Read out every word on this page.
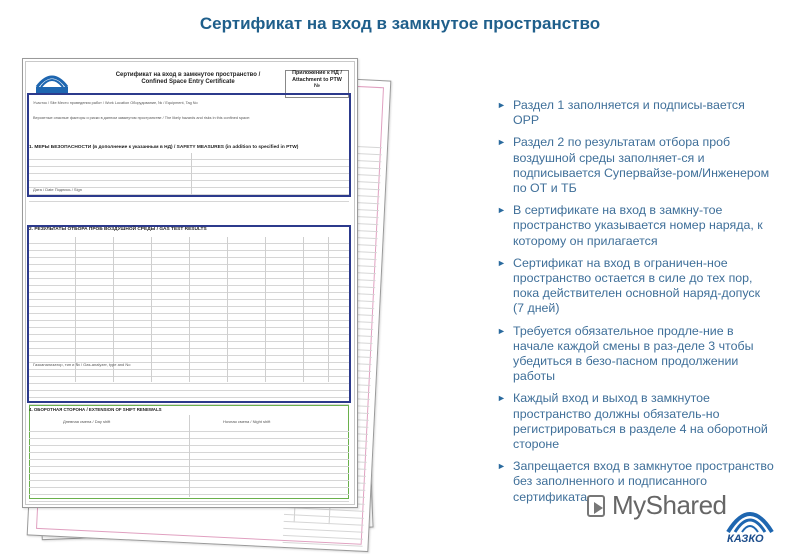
Сертификат на вход в замкнутое пространство
Сертификат на вход в замкнутое пространство /
Confined Space Entry Certificate
Приложение к НД /
Attachment to PTW
№
Участок / Site Место проведения работ / Work Location Оборудование, № / Equipment, Tag No
Вероятные опасные факторы и риски в данном замкнутом пространстве / The likely hazards and risks in this confined space:
1. МЕРЫ БЕЗОПАСНОСТИ (в дополнение к указанным в НД) / SAFETY MEASURES (in addition to specified in PTW)
Дата / Date Подпись / Sign
2. РЕЗУЛЬТАТЫ ОТБОРА ПРОБ ВОЗДУШНОЙ СРЕДЫ / GAS TEST RESULTS
Газоанализатор, тип и № / Gas-analyzer, type and No
4. ОБОРОТНАЯ СТОРОНА / EXTENSION OF SHIFT RENEWALS
Дневная смена / Day shift	Ночная смена / Night shift
► Раздел 1 заполняется и подписы-вается ОРР
► Раздел 2 по результатам отбора проб воздушной среды заполняет-ся и подписывается Супервайзе-ром/Инженером по ОТ и ТБ
► В сертификате на вход в замкну-тое пространство указывается номер наряда, к которому он прилагается
► Сертификат на вход в ограничен-ное пространство остается в силе до тех пор, пока действителен основной наряд-допуск (7 дней)
► Требуется обязательное продле-ние в начале каждой смены в раз-деле 3 чтобы убедиться в безо-пасном продолжении работы
► Каждый вход и выход в замкнутое пространство должны обязатель-но регистрироваться в разделе 4 на оборотной стороне
► Запрещается вход в замкнутое пространство без заполненного и подписанного сертификата MyShared
КАЗКО
